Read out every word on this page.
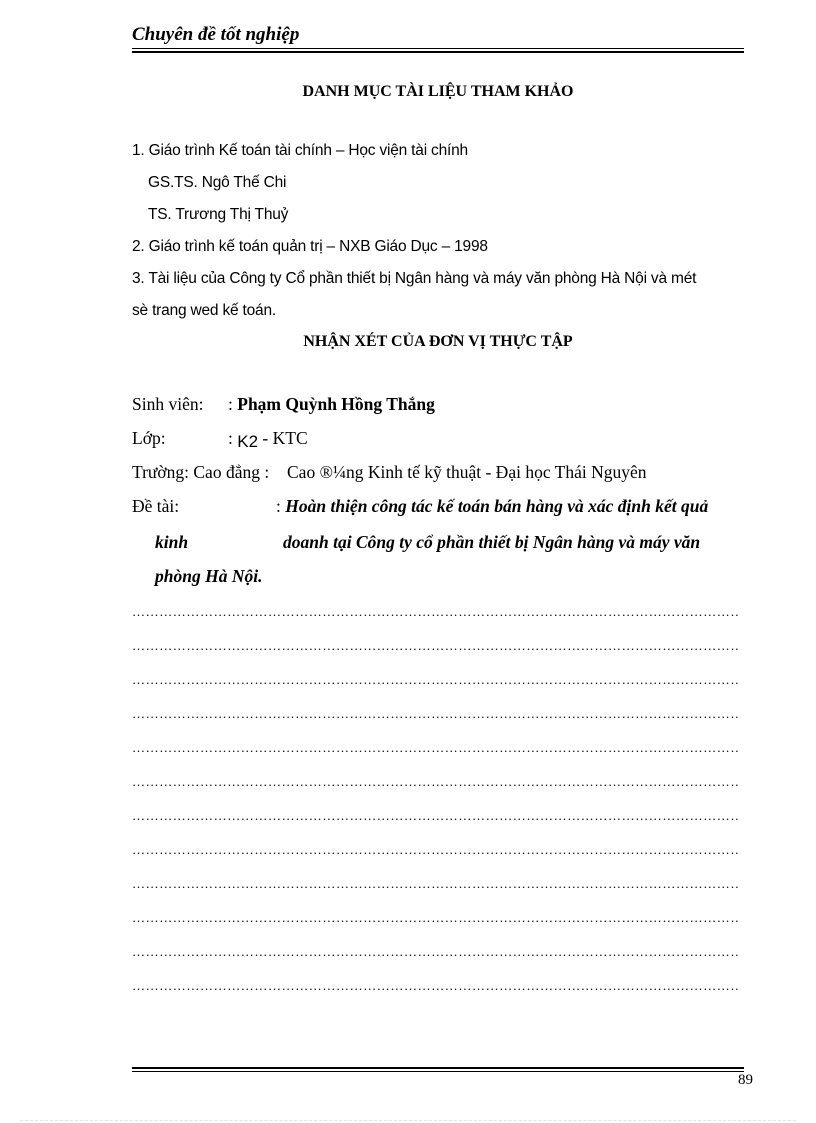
Chuyên đề tốt nghiệp
DANH MỤC TÀI LIỆU THAM KHẢO
1. Giáo trình Kế toán tài chính – Học viện tài chính
GS.TS. Ngô Thế Chi
TS. Trương Thị Thuỷ
2. Giáo trình kế toán quản trị – NXB Giáo Dục – 1998
3. Tài liệu của Công ty Cổ phần thiết bị Ngân hàng và máy văn phòng Hà Nội và mét
sè trang wed kế toán.
NHẬN XÉT CỦA ĐƠN VỊ THỰC TẬP
Sinh viên: : Phạm Quỳnh Hồng Thắng
Lớp:	: K2 - KTC
Trường: Cao đẳng : Cao ®¼ng Kinh tế kỹ thuật - Đại học Thái Nguyên
Đề tài:	: Hoàn thiện công tác kế toán bán hàng và xác định kết quả
kinh	doanh tại Công ty cổ phần thiết bị Ngân hàng và máy văn
phòng Hà Nội.
……………………………………………………………………………………………………………………………………………………………………………………
……………………………………………………………………………………………………………………………………………………………………………………
……………………………………………………………………………………………………………………………………………………………………………………
……………………………………………………………………………………………………………………………………………………………………………………
……………………………………………………………………………………………………………………………………………………………………………………
……………………………………………………………………………………………………………………………………………………………………………………
……………………………………………………………………………………………………………………………………………………………………………………
……………………………………………………………………………………………………………………………………………………………………………………
……………………………………………………………………………………………………………………………………………………………………………………
……………………………………………………………………………………………………………………………………………………………………………………
……………………………………………………………………………………………………………………………………………………………………………………
……………………………………………………………………………………………………………………………………………………………………………………
89
